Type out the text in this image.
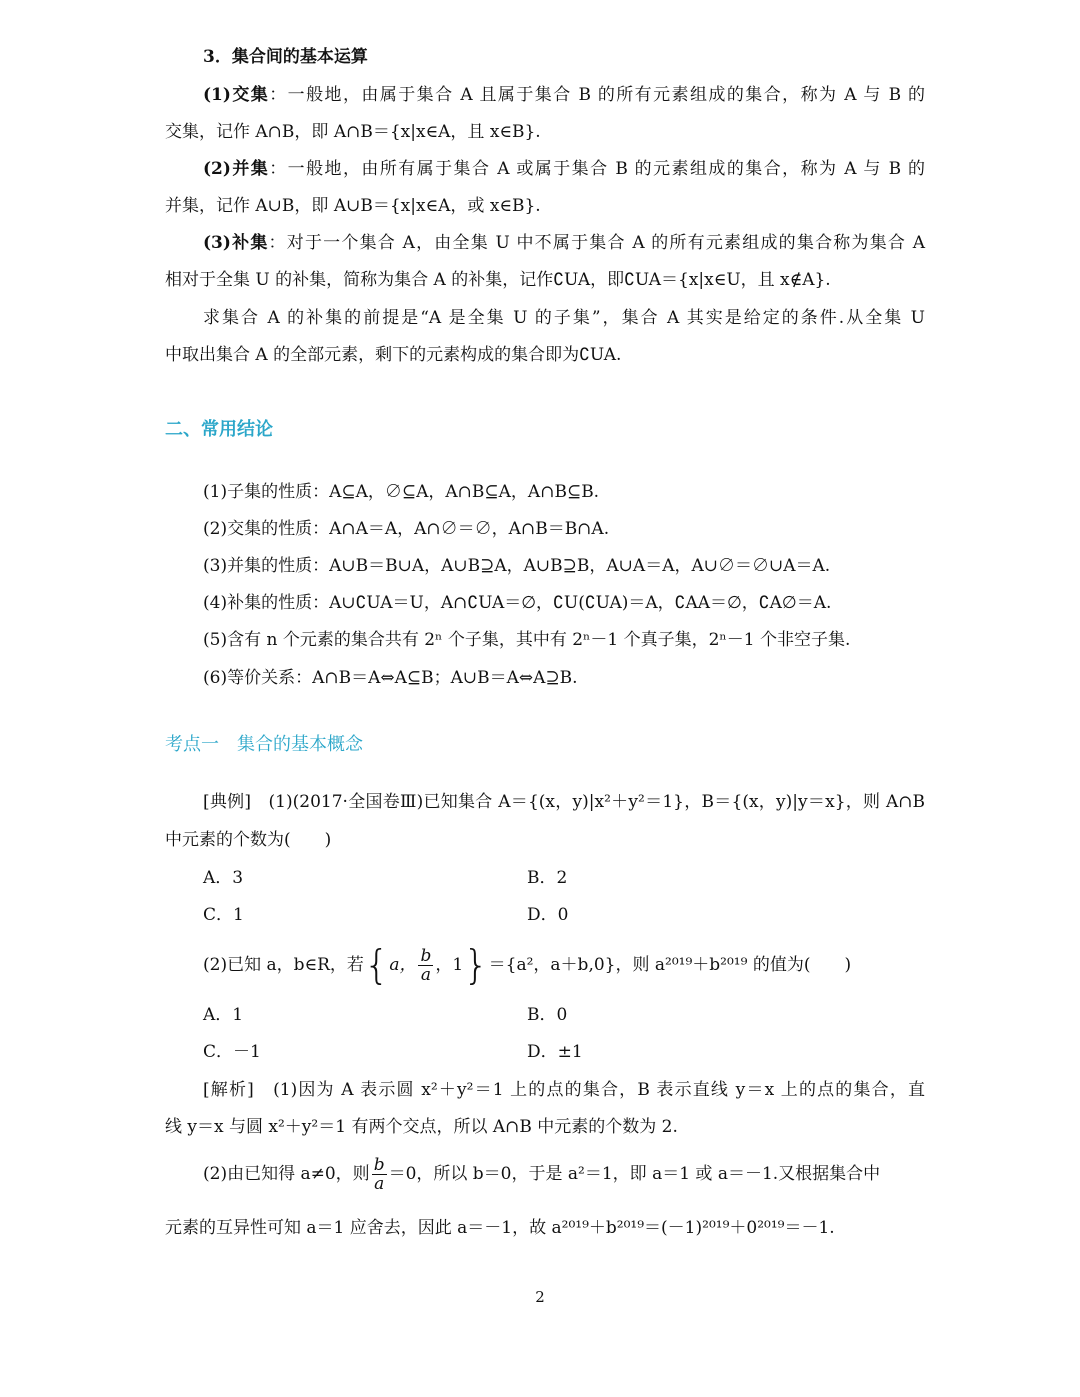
3．集合间的基本运算
(1)交集：一般地，由属于集合 A 且属于集合 B 的所有元素组成的集合，称为 A 与 B 的
交集，记作 A∩B，即 A∩B＝{x|x∈A，且 x∈B}.
(2)并集：一般地，由所有属于集合 A 或属于集合 B 的元素组成的集合，称为 A 与 B 的
并集，记作 A∪B，即 A∪B＝{x|x∈A，或 x∈B}.
(3)补集：对于一个集合 A，由全集 U 中不属于集合 A 的所有元素组成的集合称为集合 A
相对于全集 U 的补集，简称为集合 A 的补集，记作∁UA，即∁UA＝{x|x∈U，且 x∉A}.
求集合 A 的补集的前提是“A 是全集 U 的子集”，集合 A 其实是给定的条件.从全集 U
中取出集合 A 的全部元素，剩下的元素构成的集合即为∁UA.
二、常用结论
(1)子集的性质：A⊆A，∅⊆A，A∩B⊆A，A∩B⊆B.
(2)交集的性质：A∩A＝A，A∩∅＝∅，A∩B＝B∩A.
(3)并集的性质：A∪B＝B∪A，A∪B⊇A，A∪B⊇B，A∪A＝A，A∪∅＝∅∪A＝A.
(4)补集的性质：A∪∁UA＝U，A∩∁UA＝∅，∁U(∁UA)＝A，∁AA＝∅，∁A∅＝A.
(5)含有 n 个元素的集合共有 2ⁿ 个子集，其中有 2ⁿ－1 个真子集，2ⁿ－1 个非空子集.
(6)等价关系：A∩B＝A⇔A⊆B；A∪B＝A⇔A⊇B.
考点一　集合的基本概念
[典例]　(1)(2017·全国卷Ⅲ)已知集合 A＝{(x，y)|x²＋y²＝1}，B＝{(x，y)|y＝x}，则 A∩B
中元素的个数为(　　)
A．3	B．2
C．1	D．0
(2)已知 a，b∈R，若{a， $\frac{b}{a}$ ，1}＝{a²，a＋b,0}，则 a²⁰¹⁹＋b²⁰¹⁹ 的值为(　　)
A．1	B．0
C．－1	D．±1
[解析]　(1)因为 A 表示圆 x²＋y²＝1 上的点的集合，B 表示直线 y＝x 上的点的集合，直
线 y＝x 与圆 x²＋y²＝1 有两个交点，所以 A∩B 中元素的个数为 2.
(2)由已知得 a≠0，则 $\frac{b}{a} =0$，所以 b＝0，于是 a²＝1，即 a＝1 或 a＝－1.又根据集合中
元素的互异性可知 a＝1 应舍去，因此 a＝－1，故 a²⁰¹⁹＋b²⁰¹⁹＝(－1)²⁰¹⁹＋0²⁰¹⁹＝－1.
2
